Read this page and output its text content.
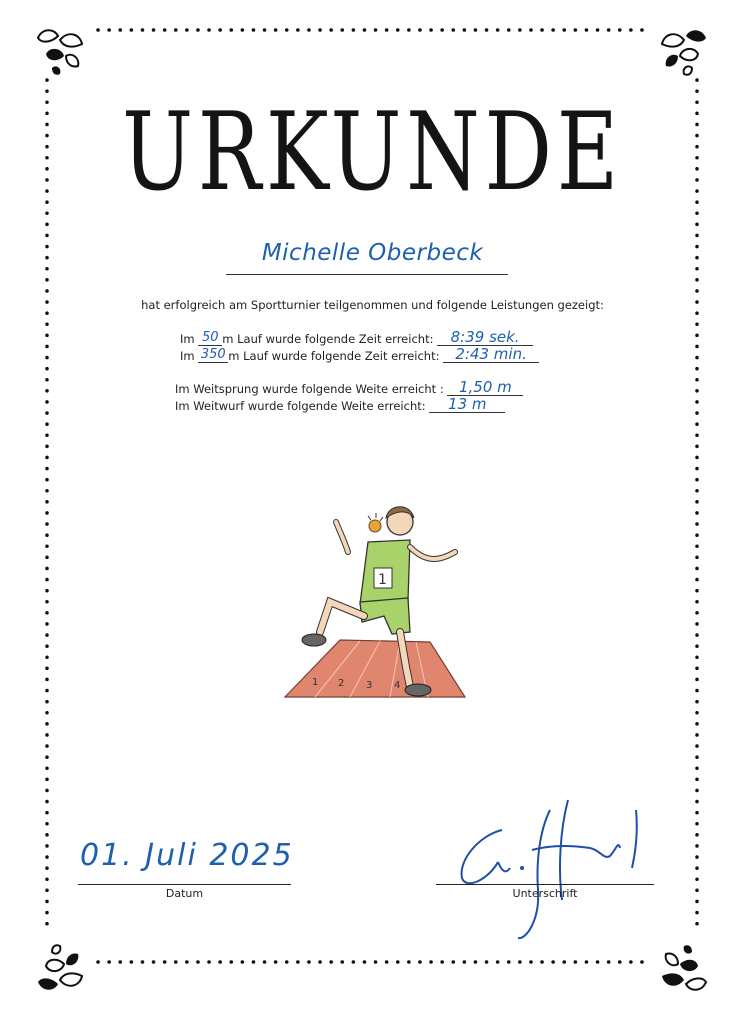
URKUNDE
Michelle Oberbeck
hat erfolgreich am Sportturnier teilgenommen und folgende Leistungen gezeigt:
Im
50 m Lauf wurde folgende Zeit erreicht:
	8:39 sek.
Im
350 m Lauf wurde folgende Zeit erreicht:
	2:43 min.
Im Weitsprung wurde folgende Weite erreicht :
	1,50 m
Im Weitwurf wurde folgende Weite erreicht:
	13 m
1 2 3 4
1
01. Juli 2025
Datum	Unterschrift
